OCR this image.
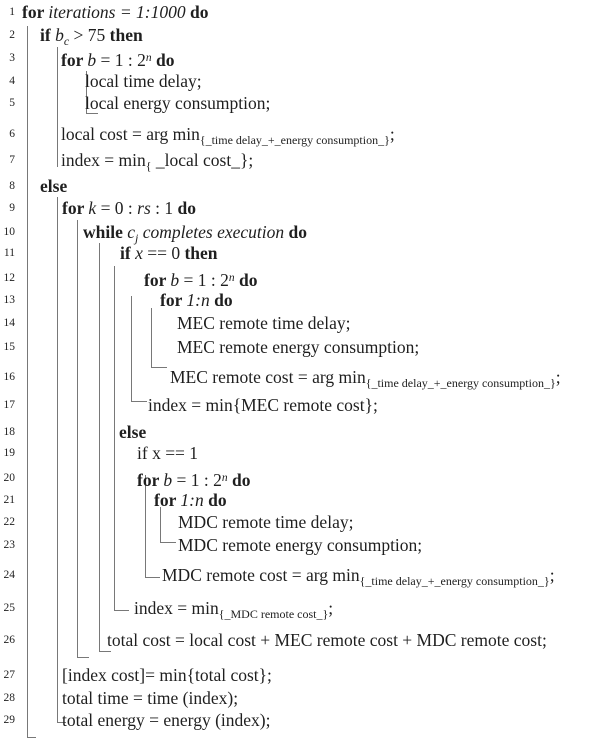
1 for iterations = 1:1000 do
2 if $b_c > 75$ then
3	for b = 1 : 2$^n$ do
4	local time delay;
5	local energy consumption;
6	local cost = arg $\min_{\{\_time delay\_+\_energy consumption\_\}}$;
7	index = $\min_{\{}$ _local cost_};
8 else
9	for k = 0 : rs : 1 do
10	while $c_j$ completes execution do
11	if x == 0 then
12	for b = 1 : 2$^n$ do
13	for 1:n do
14	MEC remote time delay;
15	MEC remote energy consumption;
16	MEC remote cost = arg $\min_{\{\_time delay\_+\_energy consumption\_\}}$;
17	index = min{MEC remote cost};
18	else
19	if x == 1
20	for b = 1 : 2$^n$ do
21	for 1:n do
22	MDC remote time delay;
23	MDC remote energy consumption;
24	MDC remote cost = arg $\min_{\{\_time delay\_+\_energy consumption\_\}}$;
25	index = $\min_{\{\_MDC remote cost\_\}}$;
26	total cost = local cost + MEC remote cost + MDC remote cost;
27	[index cost]= min{total cost};
28	total time = time (index);
29	total energy = energy (index);
